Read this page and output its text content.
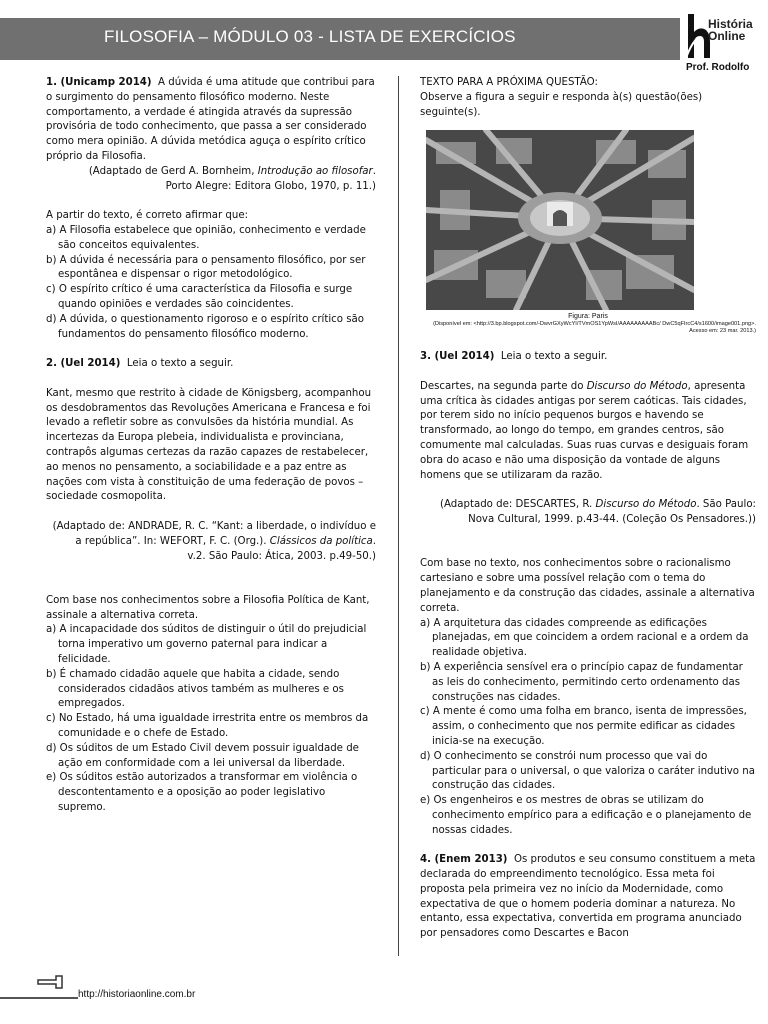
FILOSOFIA – MÓDULO 03 - LISTA DE EXERCÍCIOS
História
Online
Prof. Rodolfo

1. (Unicamp 2014) A dúvida é uma atitude que contribui para o surgimento do pensamento filosófico moderno. Neste comportamento, a verdade é atingida através da supressão provisória de todo conhecimento, que passa a ser considerado como mera opinião. A dúvida metódica aguça o espírito crítico próprio da Filosofia.

(Adaptado de Gerd A. Bornheim, Introdução ao filosofar.
Porto Alegre: Editora Globo, 1970, p. 11.)

A partir do texto, é correto afirmar que:

a) A Filosofia estabelece que opinião, conhecimento e verdade são conceitos equivalentes.

b) A dúvida é necessária para o pensamento filosófico, por ser espontânea e dispensar o rigor metodológico.

c) O espírito crítico é uma característica da Filosofia e surge quando opiniões e verdades são coincidentes.

d) A dúvida, o questionamento rigoroso e o espírito crítico são fundamentos do pensamento filosófico moderno.

2. (Uel 2014) Leia o texto a seguir.

Kant, mesmo que restrito à cidade de Königsberg, acompanhou os desdobramentos das Revoluções Americana e Francesa e foi levado a refletir sobre as convulsões da história mundial. As incertezas da Europa plebeia, individualista e provinciana, contrapôs algumas certezas da razão capazes de restabelecer, ao menos no pensamento, a sociabilidade e a paz entre as nações com vista à constituição de uma federação de povos – sociedade cosmopolita.

(Adaptado de: ANDRADE, R. C. “Kant: a liberdade, o indivíduo e a república”. In: WEFORT, F. C. (Org.). Clássicos da política.
v.2. São Paulo: Ática, 2003. p.49-50.)

Com base nos conhecimentos sobre a Filosofia Política de Kant, assinale a alternativa correta.

a) A incapacidade dos súditos de distinguir o útil do prejudicial torna imperativo um governo paternal para indicar a felicidade.

b) É chamado cidadão aquele que habita a cidade, sendo considerados cidadãos ativos também as mulheres e os empregados.

c) No Estado, há uma igualdade irrestrita entre os membros da comunidade e o chefe de Estado.

d) Os súditos de um Estado Civil devem possuir igualdade de ação em conformidade com a lei universal da liberdade.

e) Os súditos estão autorizados a transformar em violência o descontentamento e a oposição ao poder legislativo supremo.

TEXTO PARA A PRÓXIMA QUESTÃO:

Observe a figura a seguir e responda à(s) questão(ões) seguinte(s).

Figura: Paris
(Disponível em: <http://3.bp.blogspot.com/-DwvrGXyWcYI/TVmOS1YpWsI/AAAAAAAAABc/ DwC5qFIrcC4/s1600/image001.png>. Acesso em: 23 mar. 2013.)

3. (Uel 2014) Leia o texto a seguir.

Descartes, na segunda parte do Discurso do Método, apresenta uma crítica às cidades antigas por serem caóticas. Tais cidades, por terem sido no início pequenos burgos e havendo se transformado, ao longo do tempo, em grandes centros, são comumente mal calculadas. Suas ruas curvas e desiguais foram obra do acaso e não uma disposição da vontade de alguns homens que se utilizaram da razão.

(Adaptado de: DESCARTES, R. Discurso do Método. São Paulo: Nova Cultural, 1999. p.43-44. (Coleção Os Pensadores.))

Com base no texto, nos conhecimentos sobre o racionalismo cartesiano e sobre uma possível relação com o tema do planejamento e da construção das cidades, assinale a alternativa correta.

a) A arquitetura das cidades compreende as edificações planejadas, em que coincidem a ordem racional e a ordem da realidade objetiva.

b) A experiência sensível era o princípio capaz de fundamentar as leis do conhecimento, permitindo certo ordenamento das construções nas cidades.

c) A mente é como uma folha em branco, isenta de impressões, assim, o conhecimento que nos permite edificar as cidades inicia-se na execução.

d) O conhecimento se constrói num processo que vai do particular para o universal, o que valoriza o caráter indutivo na construção das cidades.

e) Os engenheiros e os mestres de obras se utilizam do conhecimento empírico para a edificação e o planejamento de nossas cidades.

4. (Enem 2013) Os produtos e seu consumo constituem a meta declarada do empreendimento tecnológico. Essa meta foi proposta pela primeira vez no início da Modernidade, como expectativa de que o homem poderia dominar a natureza. No entanto, essa expectativa, convertida em programa anunciado por pensadores como Descartes e Bacon

http://historiaonline.com.br
